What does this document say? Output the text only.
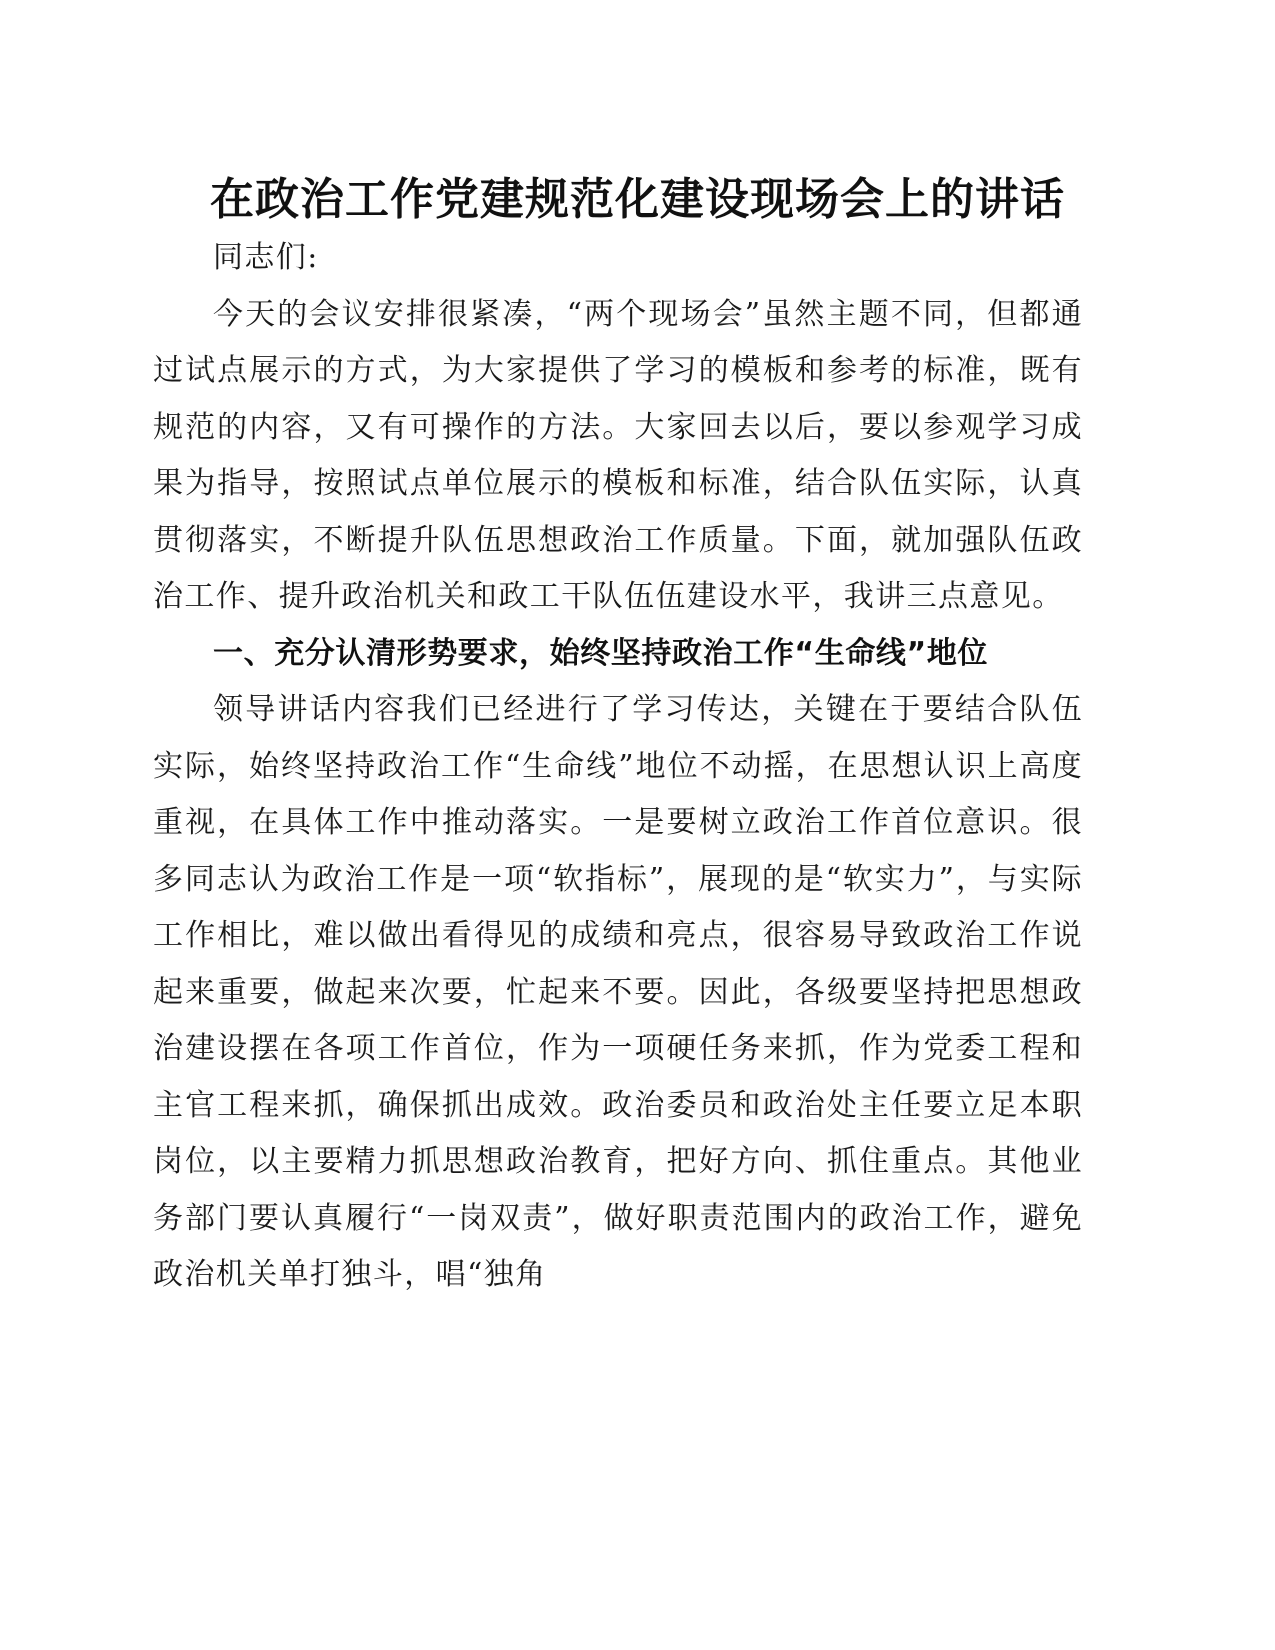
在政治工作党建规范化建设现场会上的讲话

同志们:

今天的会议安排很紧凑，“两个现场会”虽然主题不同，但都通过试点展示的方式，为大家提供了学习的模板和参考的标准，既有规范的内容，又有可操作的方法。大家回去以后，要以参观学习成果为指导，按照试点单位展示的模板和标准，结合队伍实际，认真贯彻落实，不断提升队伍思想政治工作质量。下面，就加强队伍政治工作、提升政治机关和政工干队伍伍建设水平，我讲三点意见。

一、充分认清形势要求，始终坚持政治工作“生命线”地位

领导讲话内容我们已经进行了学习传达，关键在于要结合队伍实际，始终坚持政治工作“生命线”地位不动摇，在思想认识上高度重视，在具体工作中推动落实。一是要树立政治工作首位意识。很多同志认为政治工作是一项“软指标”，展现的是“软实力”，与实际工作相比，难以做出看得见的成绩和亮点，很容易导致政治工作说起来重要，做起来次要，忙起来不要。因此，各级要坚持把思想政治建设摆在各项工作首位，作为一项硬任务来抓，作为党委工程和主官工程来抓，确保抓出成效。政治委员和政治处主任要立足本职岗位，以主要精力抓思想政治教育，把好方向、抓住重点。其他业务部门要认真履行“一岗双责”，做好职责范围内的政治工作，避免政治机关单打独斗，唱“独角
